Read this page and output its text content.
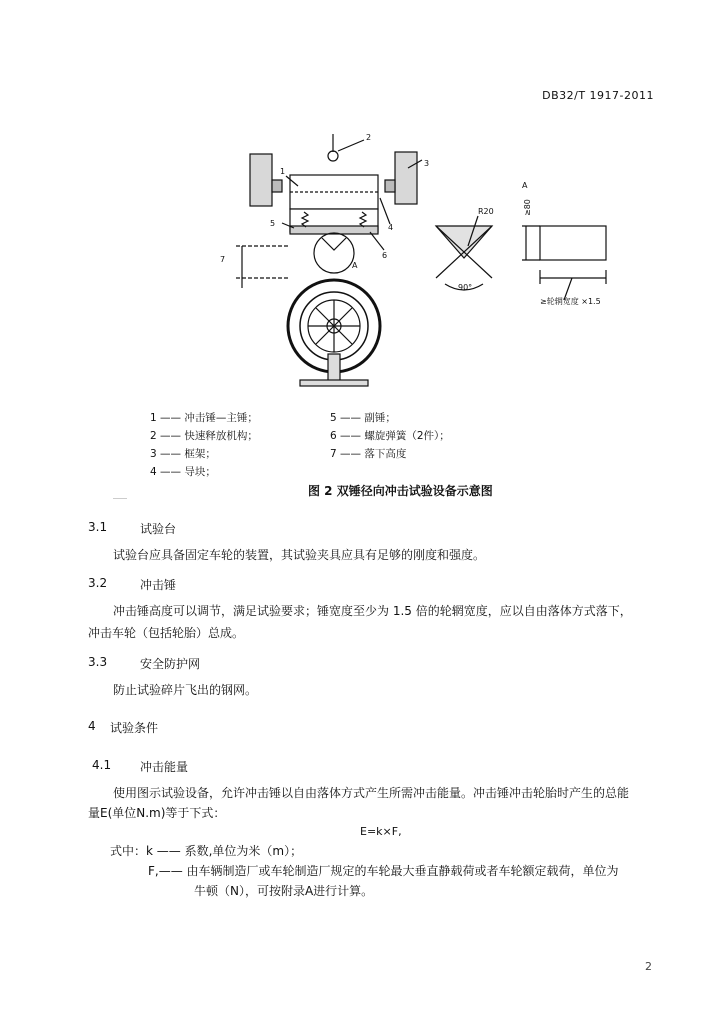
DB32/T 1917-2011
1
2
3
4
5
6
7
A
A
R20
90°
≥80
≥轮辋宽度 ×1.5
1 —— 冲击锤—主锤；
2 —— 快速释放机构；
3 —— 框架；
4 —— 导块；
5 —— 副锤；
6 —— 螺旋弹簧（2件）；
7 —— 落下高度
图 2 双锤径向冲击试验设备示意图
3.1	试验台
试验台应具备固定车轮的装置，其试验夹具应具有足够的刚度和强度。
3.2	冲击锤
冲击锤高度可以调节，满足试验要求；锤宽度至少为 1.5 倍的轮辋宽度，应以自由落体方式落下，
冲击车轮（包括轮胎）总成。
3.3	安全防护网
防止试验碎片飞出的钢网。
4 试验条件
4.1 冲击能量
使用图示试验设备，允许冲击锤以自由落体方式产生所需冲击能量。冲击锤冲击轮胎时产生的总能
量E(单位N.m)等于下式：
E=k×F,
式中：k —— 系数,单位为米（m）；
F,—— 由车辆制造厂或车轮制造厂规定的车轮最大垂直静载荷或者车轮额定载荷，单位为
牛顿（N），可按附录A进行计算。
2
